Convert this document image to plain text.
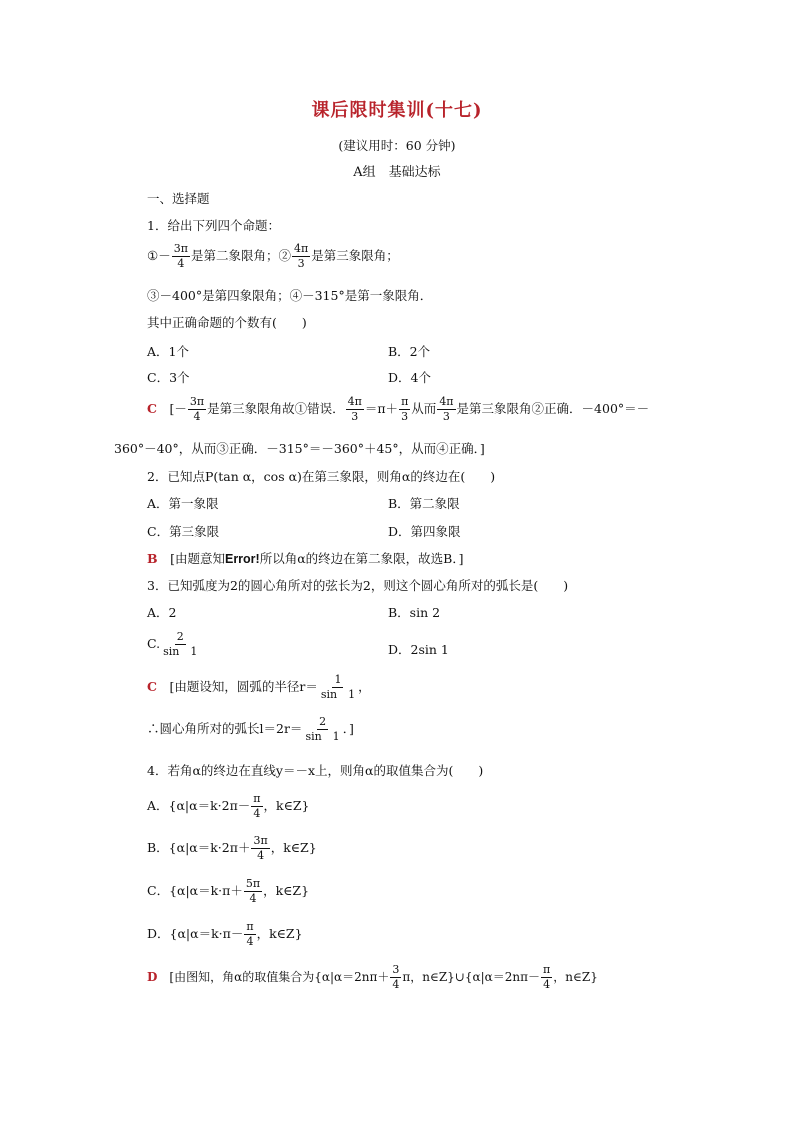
课后限时集训(十七)
(建议用时：60 分钟)
A组　基础达标
一、选择题
1．给出下列四个命题：
①－ $\frac{3\pi}{4}$ 是第二象限角；② $\frac{4\pi}{3}$ 是第三象限角；
③－400°是第四象限角；④－315°是第一象限角．
其中正确命题的个数有(　　)
A．1个	B．2个
C．3个	D．4个
C　 [－ $\frac{3\pi}{4}$ 是第三象限角故①错误． $\frac{4\pi}{3} =\pi+ \frac{\pi}{3}$ 从而 $\frac{4\pi}{3}$ 是第三象限角②正确．－400°＝－
360°－40°，从而③正确．－315°＝－360°＋45°，从而④正确．]
2．已知点P(tan α，cos α)在第三象限，则角α的终边在(　　)
A．第一象限	B．第二象限
C．第三象限	D．第四象限
B　 [由题意知Error!所以角α的终边在第二象限，故选B．]
3．已知弧度为2的圆心角所对的弦长为2，则这个圆心角所对的弧长是(　　)
A．2	B．sin 2
C. $\frac{2}{\sin 1}$	D．2sin 1
C　 [由题设知，圆弧的半径$r= \frac{1}{\sin 1}$ ，
∴圆心角所对的弧长$l=2r= \frac{2}{\sin 1}$ ．]
4．若角α的终边在直线y＝－x上，则角α的取值集合为(　　)
A．{$\alpha|\alpha=k\cdot 2\pi- \frac{\pi}{4}$ ，k∈Z}
B．{$\alpha|\alpha=k\cdot 2\pi+ \frac{3\pi}{4}$ ，k∈Z}
C．{$\alpha|\alpha=k\cdot\pi+ \frac{5\pi}{4}$ ，k∈Z}
D．{$\alpha|\alpha=k\cdot\pi- \frac{\pi}{4}$ ，k∈Z}
D　 [由图知，角α的取值集合为{$\alpha|\alpha=2n\pi+ \frac{3}{4}$ π，n∈Z}∪{α|α＝2nπ－ $\frac{\pi}{4}$ ，n∈Z}
